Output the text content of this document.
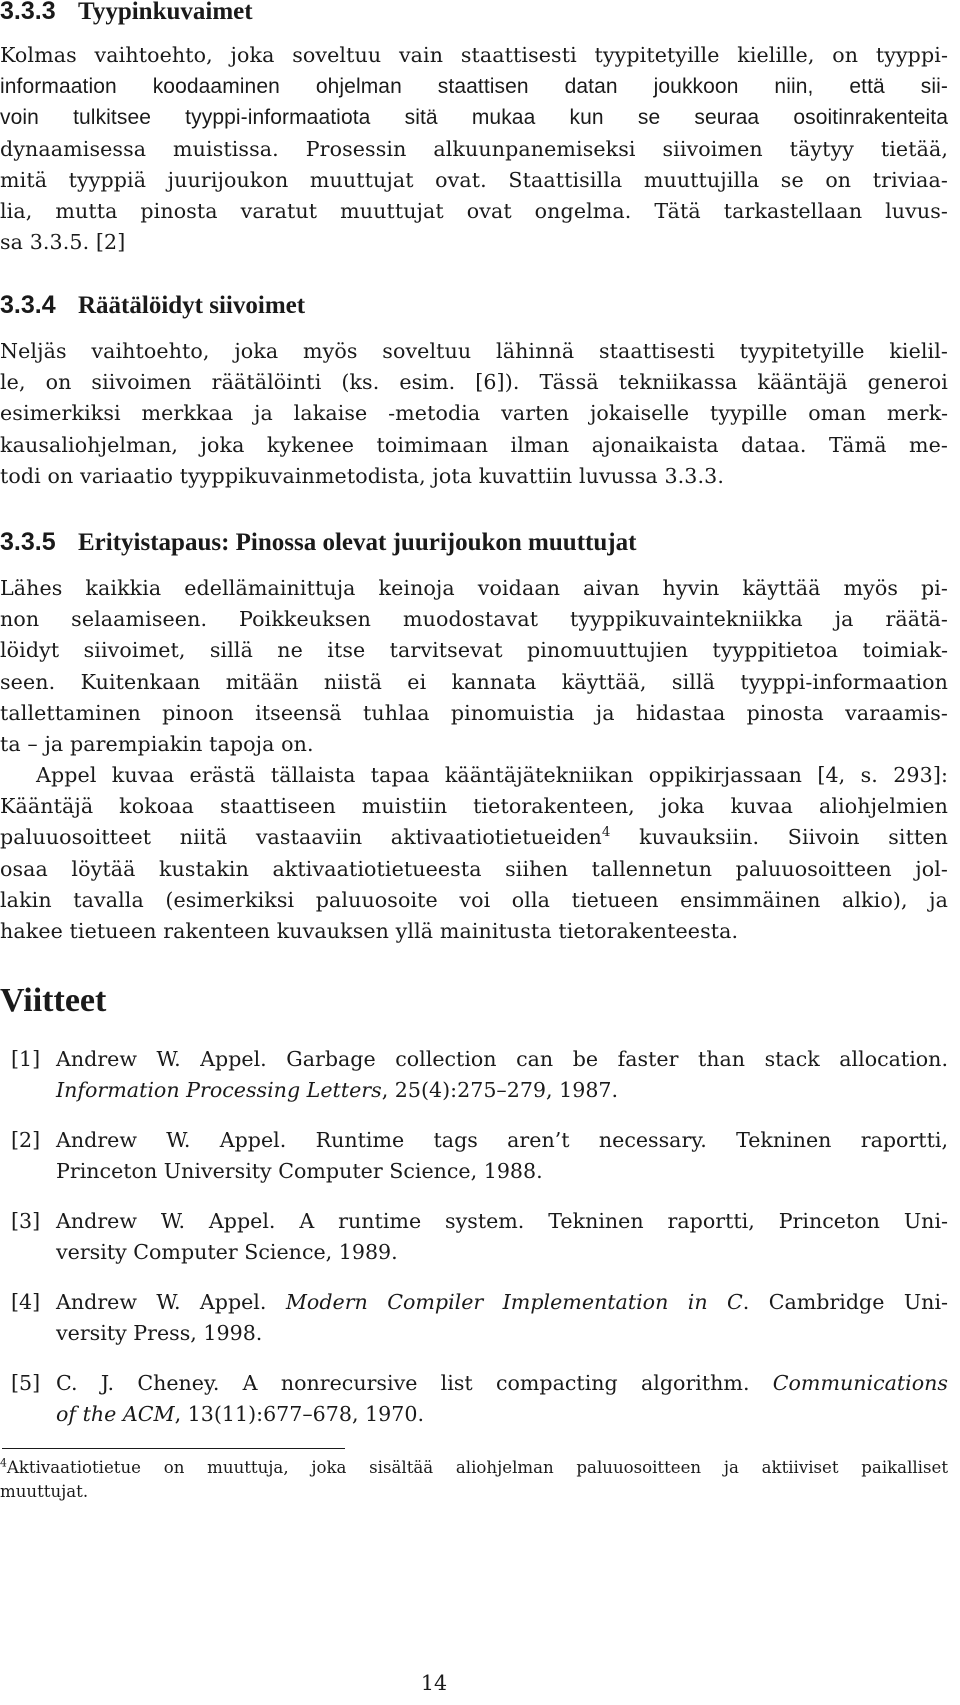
3.3.3 Tyypinkuvaimet
Kolmas vaihtoehto, joka soveltuu vain staattisesti tyypitetyille kielille, on tyyppi-
informaation koodaaminen ohjelman staattisen datan joukkoon niin, että sii-
voin tulkitsee tyyppi-informaatiota sitä mukaa kun se seuraa osoitinrakenteita
dynaamisessa muistissa. Prosessin alkuunpanemiseksi siivoimen täytyy tietää,
mitä tyyppiä juurijoukon muuttujat ovat. Staattisilla muuttujilla se on triviaa-
lia, mutta pinosta varatut muuttujat ovat ongelma. Tätä tarkastellaan luvus-
sa 3.3.5. [2]
3.3.4 Räätälöidyt siivoimet
Neljäs vaihtoehto, joka myös soveltuu lähinnä staattisesti tyypitetyille kielil-
le, on siivoimen räätälöinti (ks. esim. [6]). Tässä tekniikassa kääntäjä generoi
esimerkiksi merkkaa ja lakaise -metodia varten jokaiselle tyypille oman merk-
kausaliohjelman, joka kykenee toimimaan ilman ajonaikaista dataa. Tämä me-
todi on variaatio tyyppikuvainmetodista, jota kuvattiin luvussa 3.3.3.
3.3.5 Erityistapaus: Pinossa olevat juurijoukon muuttujat
Lähes kaikkia edellämainittuja keinoja voidaan aivan hyvin käyttää myös pi-
non selaamiseen. Poikkeuksen muodostavat tyyppikuvaintekniikka ja räätä-
löidyt siivoimet, sillä ne itse tarvitsevat pinomuuttujien tyyppitietoa toimiak-
seen. Kuitenkaan mitään niistä ei kannata käyttää, sillä tyyppi-informaation
tallettaminen pinoon itseensä tuhlaa pinomuistia ja hidastaa pinosta varaamis-
ta – ja parempiakin tapoja on.
Appel kuvaa erästä tällaista tapaa kääntäjätekniikan oppikirjassaan [4, s. 293]:
Kääntäjä kokoaa staattiseen muistiin tietorakenteen, joka kuvaa aliohjelmien
paluuosoitteet niitä vastaaviin aktivaatiotietueiden$^4$ kuvauksiin. Siivoin sitten
osaa löytää kustakin aktivaatiotietueesta siihen tallennetun paluuosoitteen jol-
lakin tavalla (esimerkiksi paluuosoite voi olla tietueen ensimmäinen alkio), ja
hakee tietueen rakenteen kuvauksen yllä mainitusta tietorakenteesta.
Viitteet
[1] Andrew W. Appel. Garbage collection can be faster than stack allocation.
Information Processing Letters, 25(4):275–279, 1987.
[2] Andrew W. Appel. Runtime tags aren’t necessary. Tekninen raportti,
Princeton University Computer Science, 1988.
[3] Andrew W. Appel. A runtime system. Tekninen raportti, Princeton Uni-
versity Computer Science, 1989.
[4] Andrew W. Appel. Modern Compiler Implementation in C. Cambridge Uni-
versity Press, 1998.
[5] C. J. Cheney. A nonrecursive list compacting algorithm. Communications
of the ACM, 13(11):677–678, 1970.
$^4$Aktivaatiotietue on muuttuja, joka sisältää aliohjelman paluuosoitteen ja aktiiviset paikalliset
muuttujat.
14
